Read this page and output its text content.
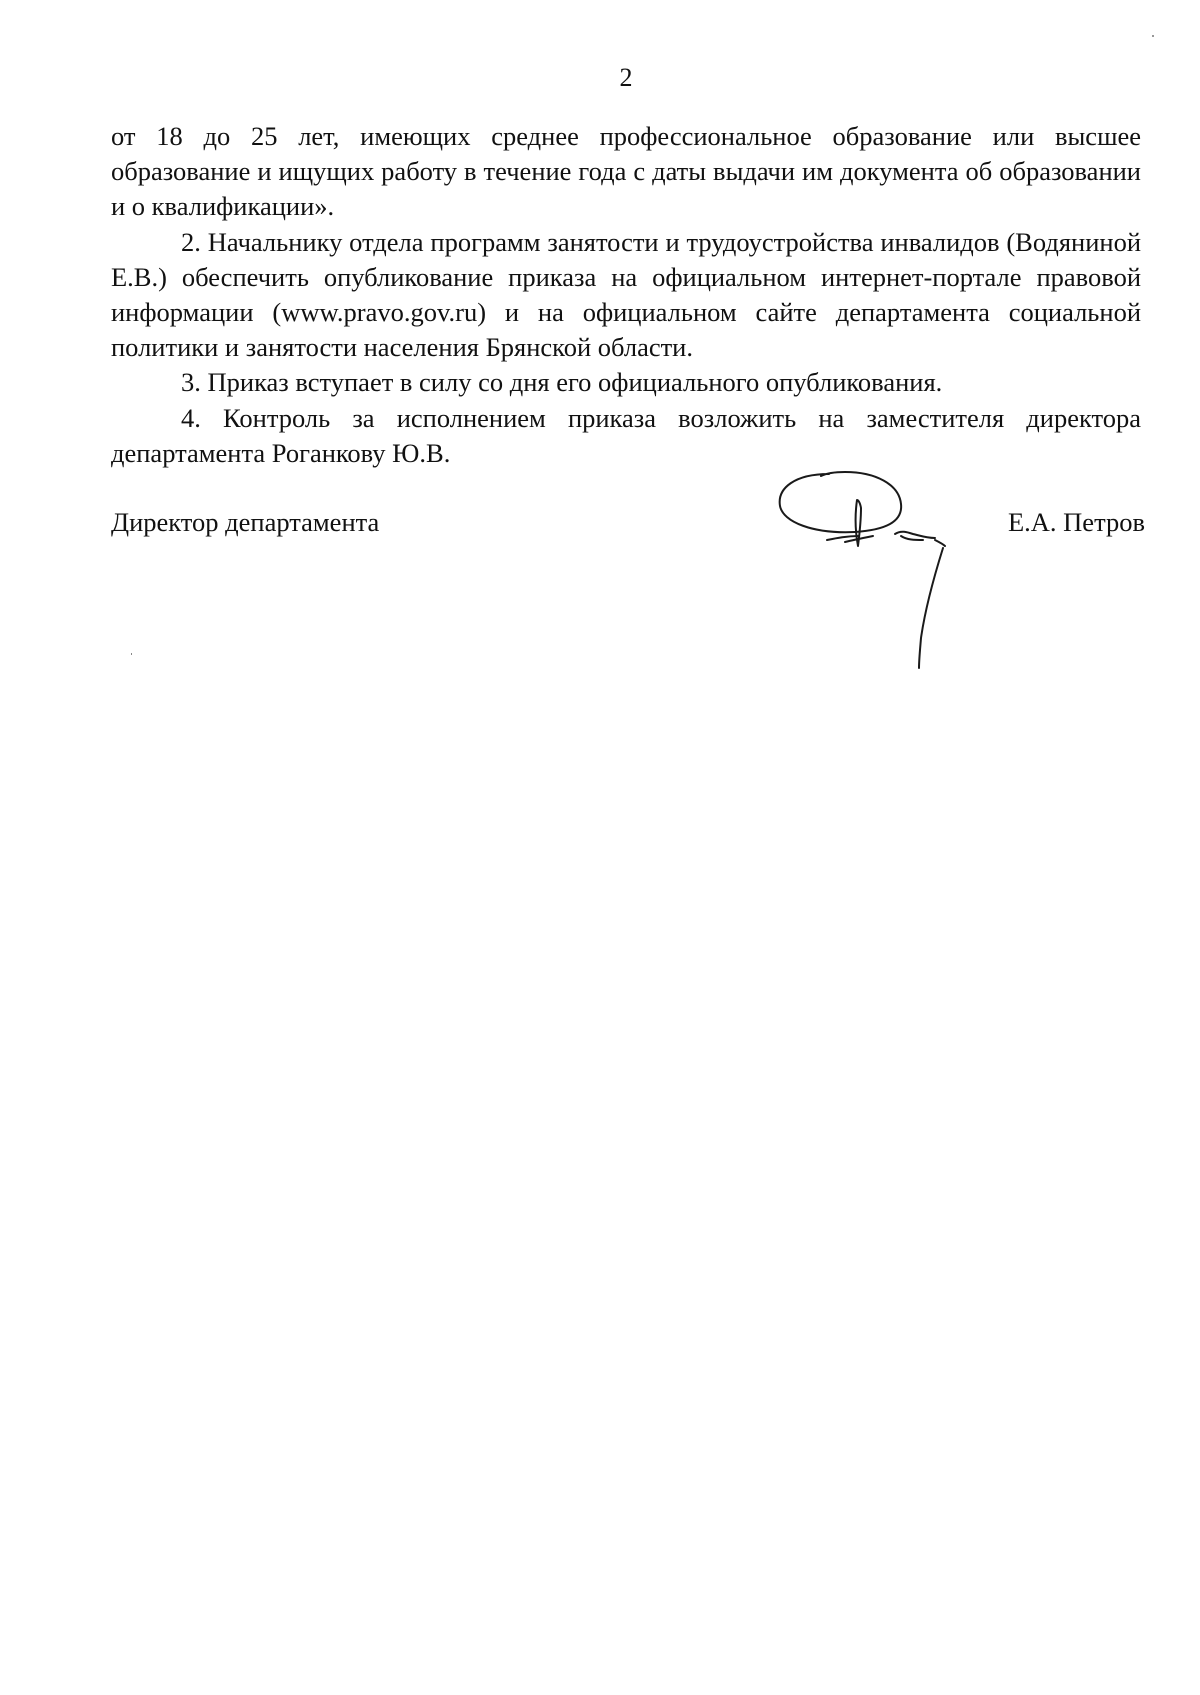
2

от 18 до 25 лет, имеющих среднее профессиональное образование или высшее образование и ищущих работу в течение года с даты выдачи им документа об образовании и о квалификации».

2. Начальнику отдела программ занятости и трудоустройства инвалидов (Водяниной Е.В.) обеспечить опубликование приказа на официальном интернет-портале правовой информации (www.pravo.gov.ru) и на официальном сайте департамента социальной политики и занятости населения Брянской области.

3. Приказ вступает в силу со дня его официального опубликования.

4. Контроль за исполнением приказа возложить на заместителя директора департамента Роганкову Ю.В.

Директор департамента	Е.А. Петров
